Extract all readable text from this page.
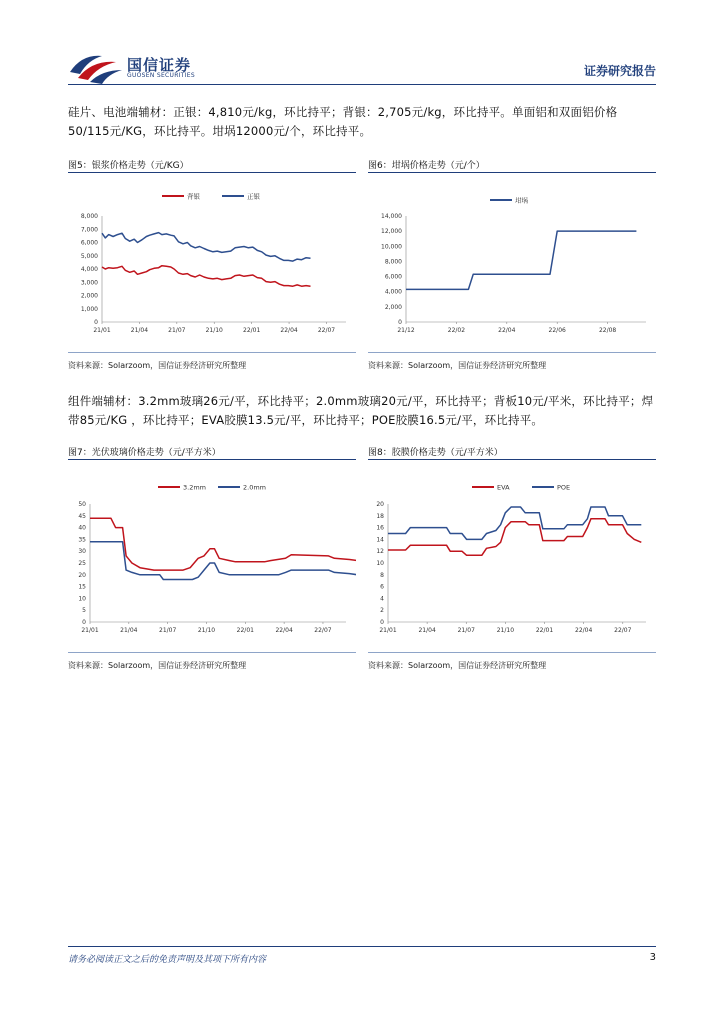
国信证券
GUOSEN SECURITIES	证券研究报告
硅片、电池端辅材：正银：4,810元/kg，环比持平；背银：2,705元/kg，环比持平。单面铝和双面铝价格50/115元/KG，环比持平。坩埚12000元/个，环比持平。
图5：银浆价格走势（元/KG）
0
1,000
2,000
3,000
4,000
5,000
6,000
7,000
8,000
21/01	21/04	21/07	21/10	22/01	22/04	22/07
背银	正银
资料来源：Solarzoom，国信证券经济研究所整理
图6：坩埚价格走势（元/个）
0
2,000
4,000
6,000
8,000
10,000
12,000
14,000
21/12	22/02	22/04	22/06	22/08
坩埚
资料来源：Solarzoom，国信证券经济研究所整理
组件端辅材：3.2mm玻璃26元/平，环比持平；2.0mm玻璃20元/平，环比持平；背板10元/平米，环比持平；焊带85元/KG ，环比持平；EVA胶膜13.5元/平，环比持平；POE胶膜16.5元/平，环比持平。
图7：光伏玻璃价格走势（元/平方米）
0
5
10
15
20
25
30
35
40
45
50
21/01	21/04	21/07	21/10	22/01	22/04	22/07
3.2mm	2.0mm
资料来源：Solarzoom，国信证券经济研究所整理
图8：胶膜价格走势（元/平方米）
0
2
4
6
8
10
12
14
16
18
20
21/01	21/04	21/07	21/10	22/01	22/04	22/07
EVA	POE
资料来源：Solarzoom，国信证券经济研究所整理
请务必阅读正文之后的免责声明及其项下所有内容	3
